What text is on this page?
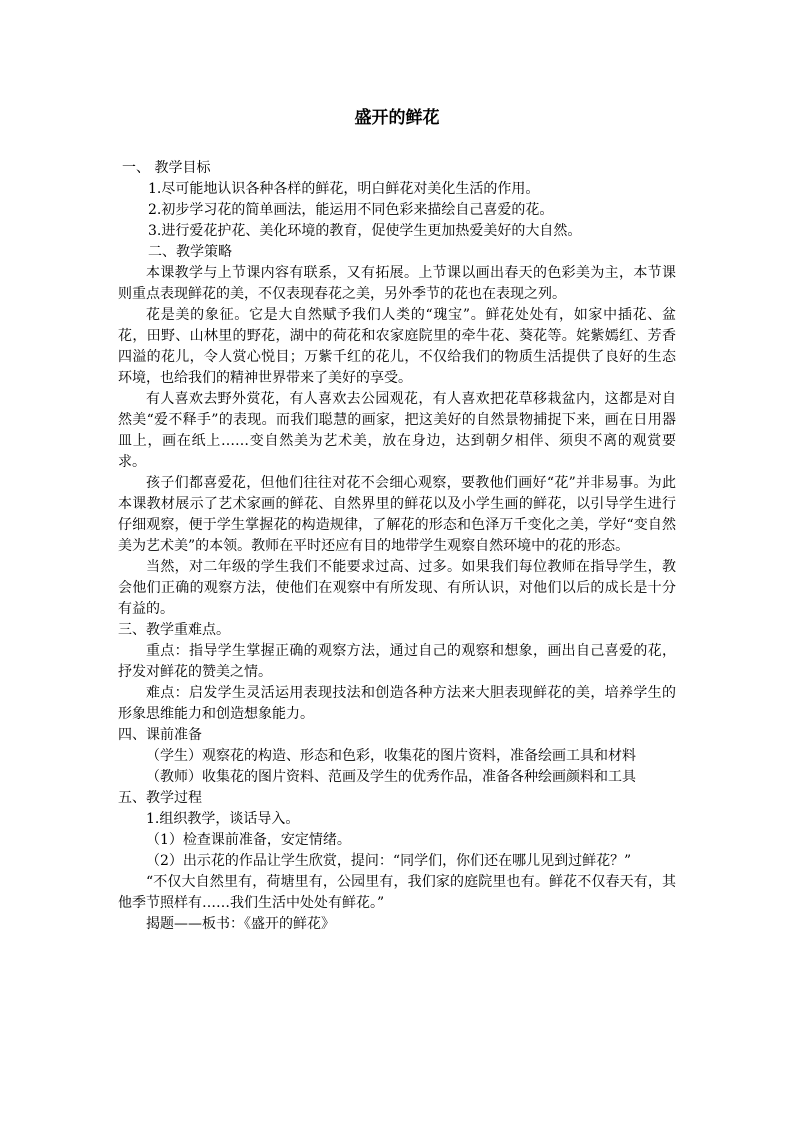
盛开的鲜花

一、 教学目标

1.尽可能地认识各种各样的鲜花，明白鲜花对美化生活的作用。

2.初步学习花的简单画法，能运用不同色彩来描绘自己喜爱的花。

3.进行爱花护花、美化环境的教育，促使学生更加热爱美好的大自然。

二、教学策略

本课教学与上节课内容有联系，又有拓展。上节课以画出春天的色彩美为主，本节课则重点表现鲜花的美，不仅表现春花之美，另外季节的花也在表现之列。

花是美的象征。它是大自然赋予我们人类的“瑰宝”。鲜花处处有，如家中插花、盆花，田野、山林里的野花，湖中的荷花和农家庭院里的牵牛花、葵花等。姹紫嫣红、芳香四溢的花儿，令人赏心悦目；万紫千红的花儿，不仅给我们的物质生活提供了良好的生态环境，也给我们的精神世界带来了美好的享受。

有人喜欢去野外赏花，有人喜欢去公园观花，有人喜欢把花草移栽盆内，这都是对自然美“爱不释手”的表现。而我们聪慧的画家，把这美好的自然景物捕捉下来，画在日用器皿上，画在纸上……变自然美为艺术美，放在身边，达到朝夕相伴、须臾不离的观赏要求。

孩子们都喜爱花，但他们往往对花不会细心观察，要教他们画好“花”并非易事。为此本课教材展示了艺术家画的鲜花、自然界里的鲜花以及小学生画的鲜花，以引导学生进行仔细观察，便于学生掌握花的构造规律，了解花的形态和色泽万千变化之美，学好“变自然美为艺术美”的本领。教师在平时还应有目的地带学生观察自然环境中的花的形态。

当然，对二年级的学生我们不能要求过高、过多。如果我们每位教师在指导学生，教会他们正确的观察方法，使他们在观察中有所发现、有所认识，对他们以后的成长是十分有益的。

三、教学重难点。

重点：指导学生掌握正确的观察方法，通过自己的观察和想象，画出自己喜爱的花，抒发对鲜花的赞美之情。

难点：启发学生灵活运用表现技法和创造各种方法来大胆表现鲜花的美，培养学生的形象思维能力和创造想象能力。

四、课前准备

（学生）观察花的构造、形态和色彩，收集花的图片资料，准备绘画工具和材料

（教师）收集花的图片资料、范画及学生的优秀作品，准备各种绘画颜料和工具

五、教学过程

1.组织教学，谈话导入。

（1）检查课前准备，安定情绪。

（2）出示花的作品让学生欣赏，提问：“同学们，你们还在哪儿见到过鲜花？”

“不仅大自然里有，荷塘里有，公园里有，我们家的庭院里也有。鲜花不仅春天有，其他季节照样有……我们生活中处处有鲜花。”

揭题——板书：《盛开的鲜花》
